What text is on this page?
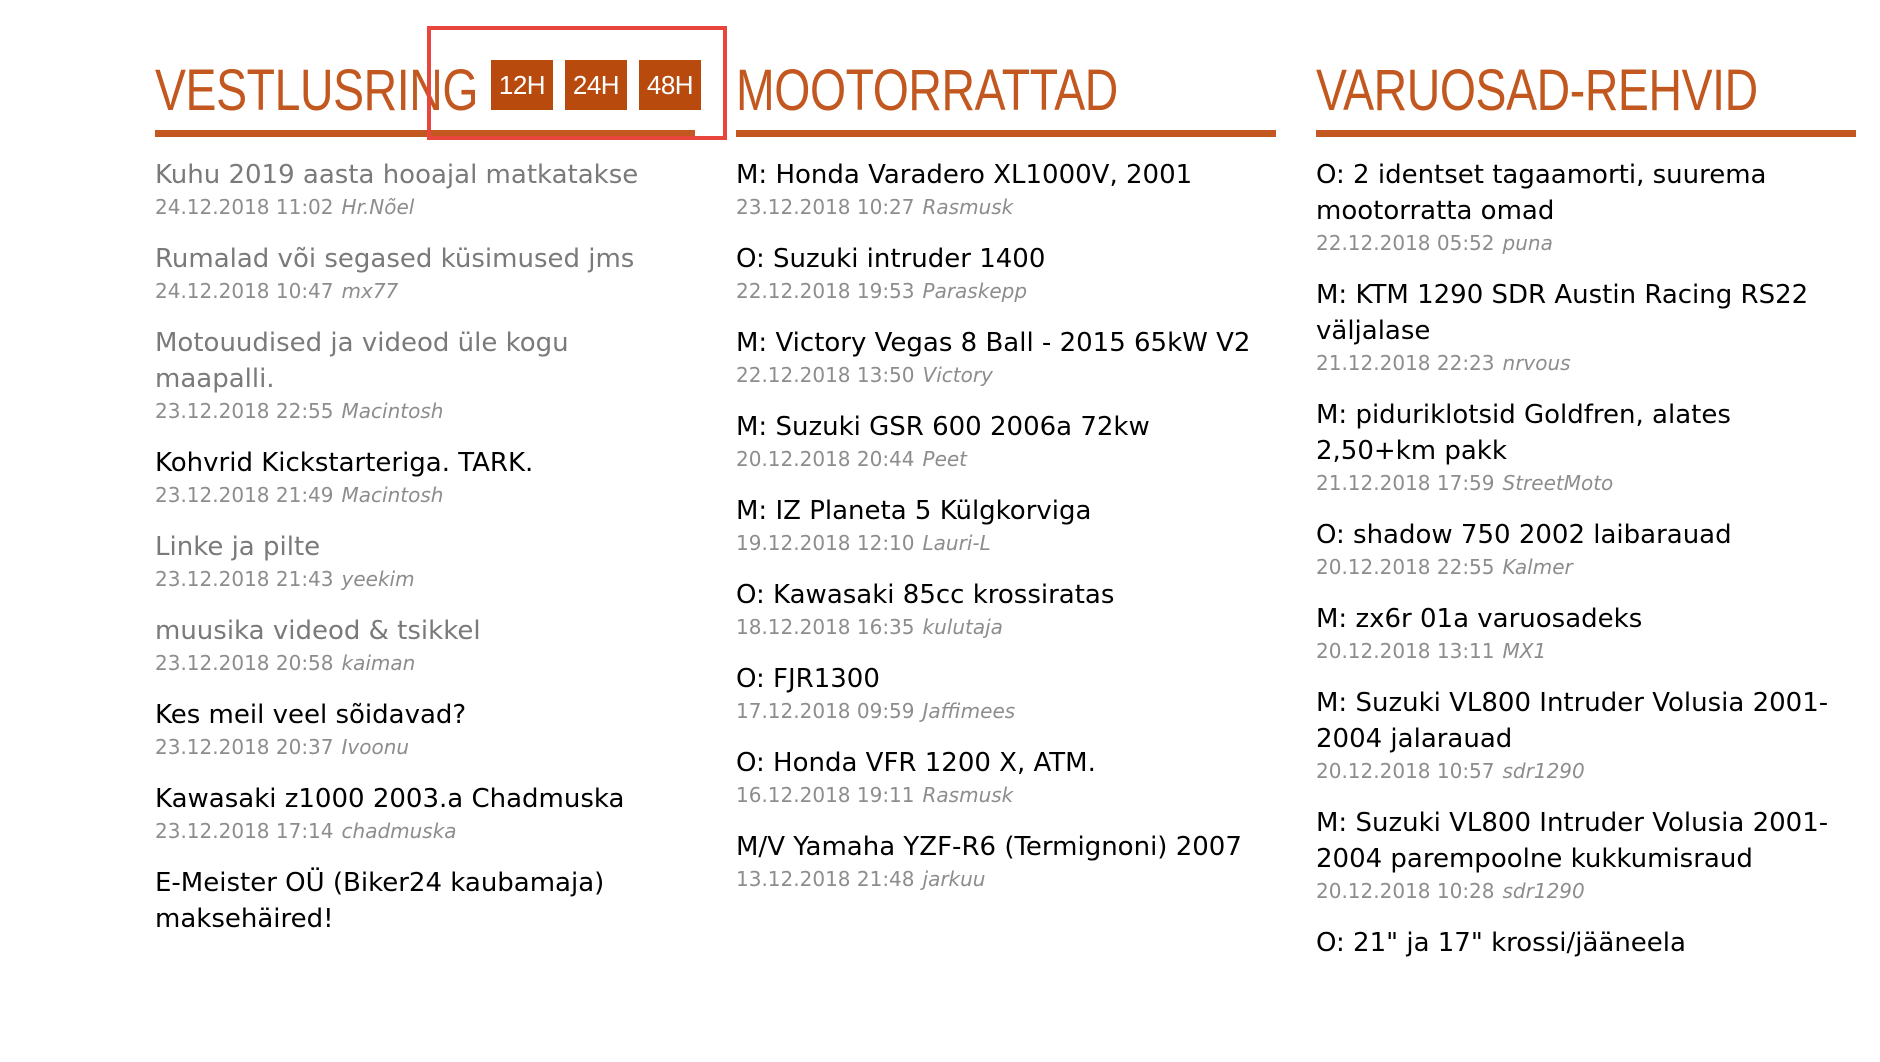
VESTLUSRING 12H	24H	48H
Kuhu 2019 aasta hooajal matkatakse
24.12.2018 11:02 Hr.Nõel
Rumalad või segased küsimused jms
24.12.2018 10:47 mx77
Motouudised ja videod üle kogu maapalli.
23.12.2018 22:55 Macintosh
Kohvrid Kickstarteriga. TARK.
23.12.2018 21:49 Macintosh
Linke ja pilte
23.12.2018 21:43 yeekim
muusika videod & tsikkel
23.12.2018 20:58 kaiman
Kes meil veel sõidavad?
23.12.2018 20:37 Ivoonu
Kawasaki z1000 2003.a Chadmuska
23.12.2018 17:14 chadmuska
E-Meister OÜ (Biker24 kaubamaja) maksehäired!
MOOTORRATTAD
M: Honda Varadero XL1000V, 2001
23.12.2018 10:27 Rasmusk
O: Suzuki intruder 1400
22.12.2018 19:53 Paraskepp
M: Victory Vegas 8 Ball - 2015 65kW V2
22.12.2018 13:50 Victory
M: Suzuki GSR 600 2006a 72kw
20.12.2018 20:44 Peet
M: IZ Planeta 5 Külgkorviga
19.12.2018 12:10 Lauri-L
O: Kawasaki 85cc krossiratas
18.12.2018 16:35 kulutaja
O: FJR1300
17.12.2018 09:59 Jaffimees
O: Honda VFR 1200 X, ATM.
16.12.2018 19:11 Rasmusk
M/V Yamaha YZF-R6 (Termignoni) 2007
13.12.2018 21:48 jarkuu
VARUOSAD-REHVID
O: 2 identset tagaamorti, suurema mootorratta omad
22.12.2018 05:52 puna
M: KTM 1290 SDR Austin Racing RS22 väljalase
21.12.2018 22:23 nrvous
M: piduriklotsid Goldfren, alates 2,50+km pakk
21.12.2018 17:59 StreetMoto
O: shadow 750 2002 laibarauad
20.12.2018 22:55 Kalmer
M: zx6r 01a varuosadeks
20.12.2018 13:11 MX1
M: Suzuki VL800 Intruder Volusia 2001-2004 jalarauad
20.12.2018 10:57 sdr1290
M: Suzuki VL800 Intruder Volusia 2001-2004 parempoolne kukkumisraud
20.12.2018 10:28 sdr1290
O: 21" ja 17" krossi/jääneela
